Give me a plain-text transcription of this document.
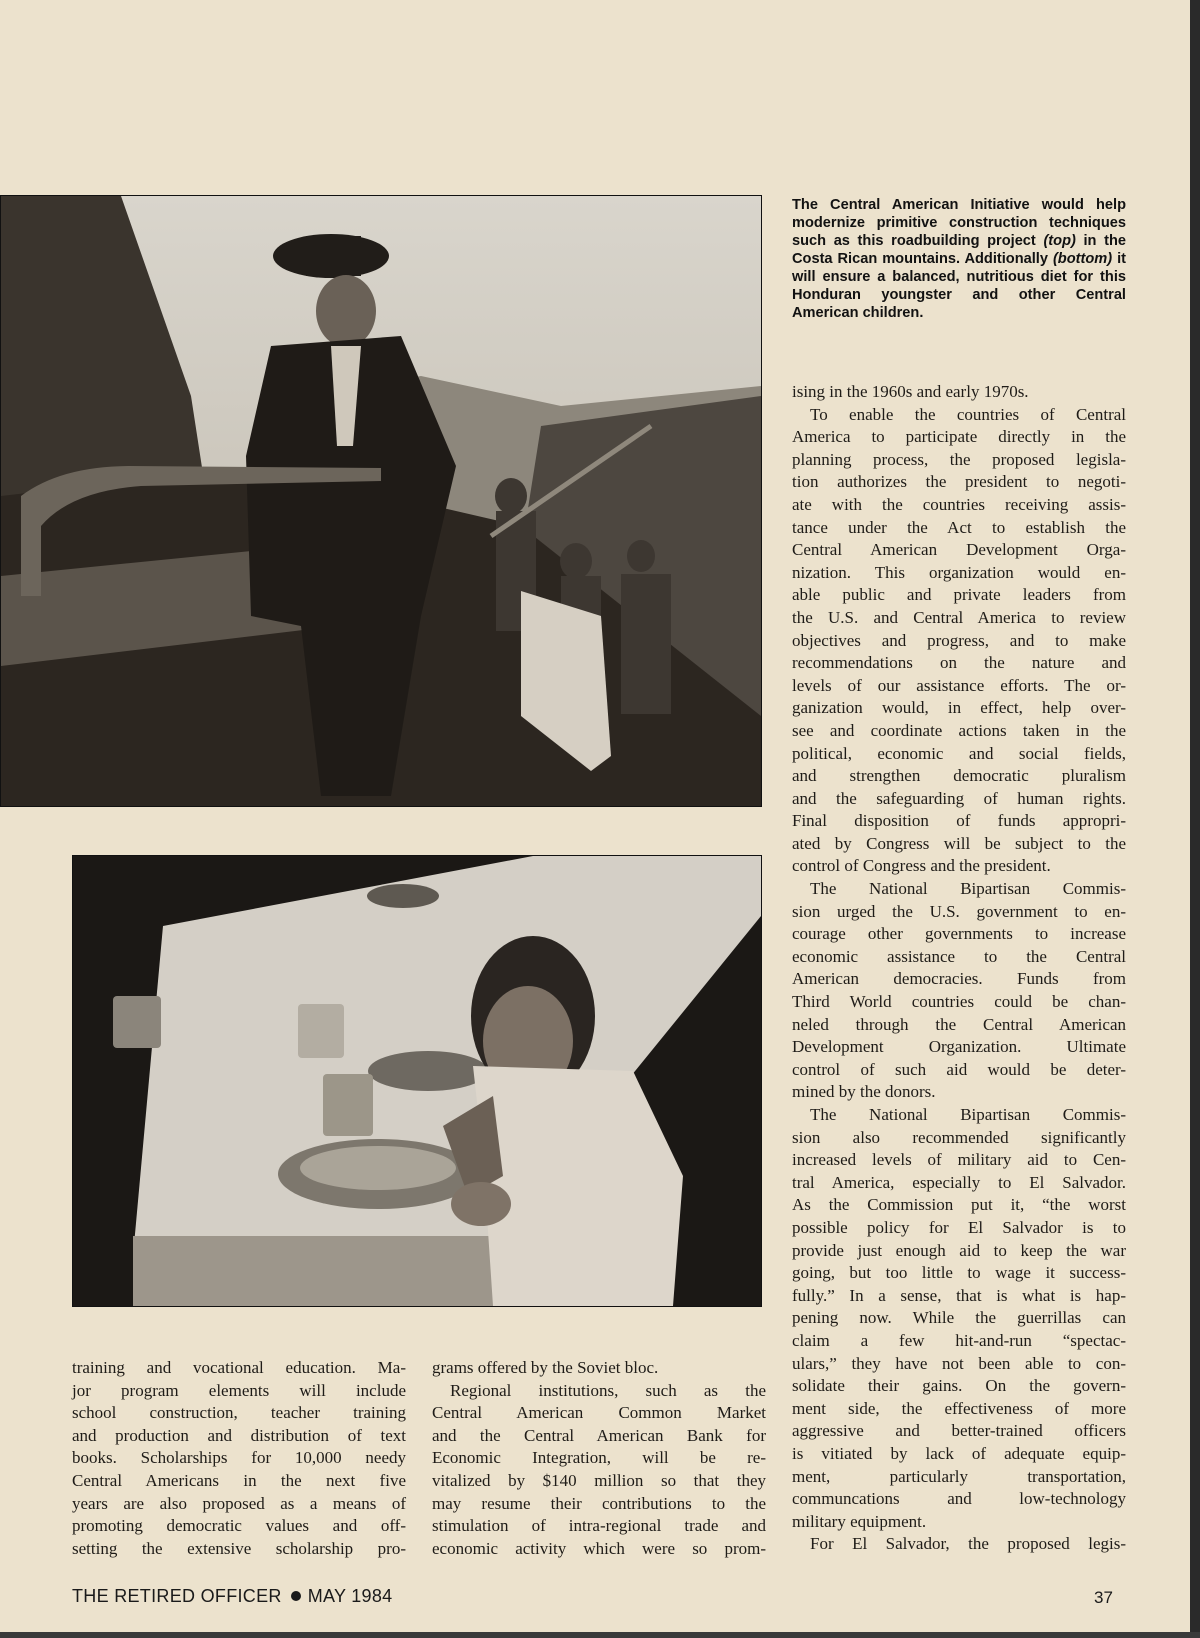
The Central American Initiative would help modernize primitive construction techniques such as this roadbuilding project (top) in the Costa Rican mountains. Additionally (bottom) it will ensure a balanced, nutritious diet for this Honduran youngster and other Central American children.
training and vocational education. Ma-
jor program elements will include
school construction, teacher training
and production and distribution of text
books. Scholarships for 10,000 needy
Central Americans in the next five
years are also proposed as a means of
promoting democratic values and off-
setting the extensive scholarship pro-
grams offered by the Soviet bloc.
Regional institutions, such as the
Central American Common Market
and the Central American Bank for
Economic Integration, will be re-
vitalized by $140 million so that they
may resume their contributions to the
stimulation of intra-regional trade and
economic activity which were so prom-
ising in the 1960s and early 1970s.
To enable the countries of Central
America to participate directly in the
planning process, the proposed legisla-
tion authorizes the president to negoti-
ate with the countries receiving assis-
tance under the Act to establish the
Central American Development Orga-
nization. This organization would en-
able public and private leaders from
the U.S. and Central America to review
objectives and progress, and to make
recommendations on the nature and
levels of our assistance efforts. The or-
ganization would, in effect, help over-
see and coordinate actions taken in the
political, economic and social fields,
and strengthen democratic pluralism
and the safeguarding of human rights.
Final disposition of funds appropri-
ated by Congress will be subject to the
control of Congress and the president.
The National Bipartisan Commis-
sion urged the U.S. government to en-
courage other governments to increase
economic assistance to the Central
American democracies. Funds from
Third World countries could be chan-
neled through the Central American
Development Organization. Ultimate
control of such aid would be deter-
mined by the donors.
The National Bipartisan Commis-
sion also recommended significantly
increased levels of military aid to Cen-
tral America, especially to El Salvador.
As the Commission put it, “the worst
possible policy for El Salvador is to
provide just enough aid to keep the war
going, but too little to wage it success-
fully.” In a sense, that is what is hap-
pening now. While the guerrillas can
claim a few hit-and-run “spectac-
ulars,” they have not been able to con-
solidate their gains. On the govern-
ment side, the effectiveness of more
aggressive and better-trained officers
is vitiated by lack of adequate equip-
ment, particularly transportation,
communcations and low-technology
military equipment.
For El Salvador, the proposed legis-
THE RETIRED OFFICER MAY 1984	37
